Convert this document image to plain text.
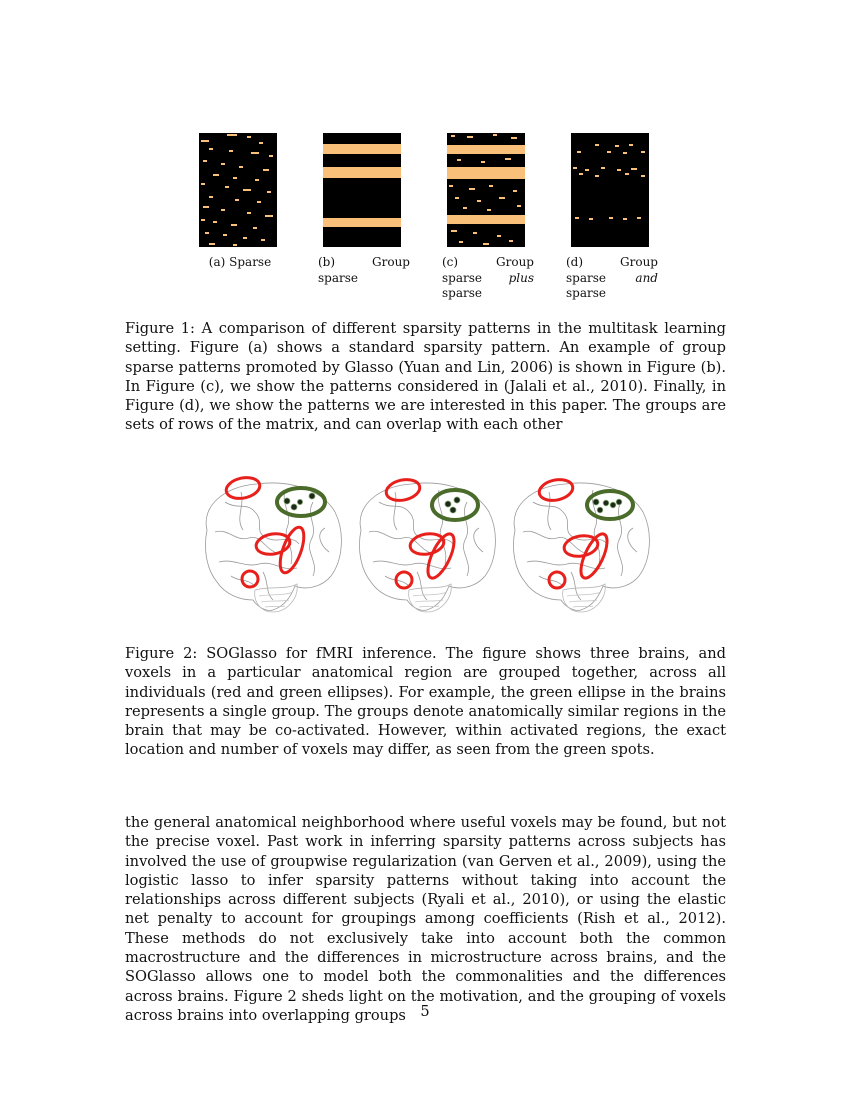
(a) Sparse	(b)	Group
sparse
(c)	Group
sparse plus
sparse
(d)	Group
sparse and
sparse

Figure 1: A comparison of different sparsity patterns in the multitask learning setting. Figure (a) shows a standard sparsity pattern. An example of group sparse patterns promoted by Glasso (Yuan and Lin, 2006) is shown in Figure (b). In Figure (c), we show the patterns considered in (Jalali et al., 2010). Finally, in Figure (d), we show the patterns we are interested in this paper. The groups are sets of rows of the matrix, and can overlap with each other

Figure 2: SOGlasso for fMRI inference. The figure shows three brains, and voxels in a particular anatomical region are grouped together, across all individuals (red and green ellipses). For example, the green ellipse in the brains represents a single group. The groups denote anatomically similar regions in the brain that may be co-activated. However, within activated regions, the exact location and number of voxels may differ, as seen from the green spots.

the general anatomical neighborhood where useful voxels may be found, but not the precise voxel. Past work in inferring sparsity patterns across subjects has involved the use of groupwise regularization (van Gerven et al., 2009), using the logistic lasso to infer sparsity patterns without taking into account the relationships across different subjects (Ryali et al., 2010), or using the elastic net penalty to account for groupings among coefficients (Rish et al., 2012). These methods do not exclusively take into account both the common macrostructure and the differences in microstructure across brains, and the SOGlasso allows one to model both the commonalities and the differences across brains. Figure 2 sheds light on the motivation, and the grouping of voxels across brains into overlapping groups 5
